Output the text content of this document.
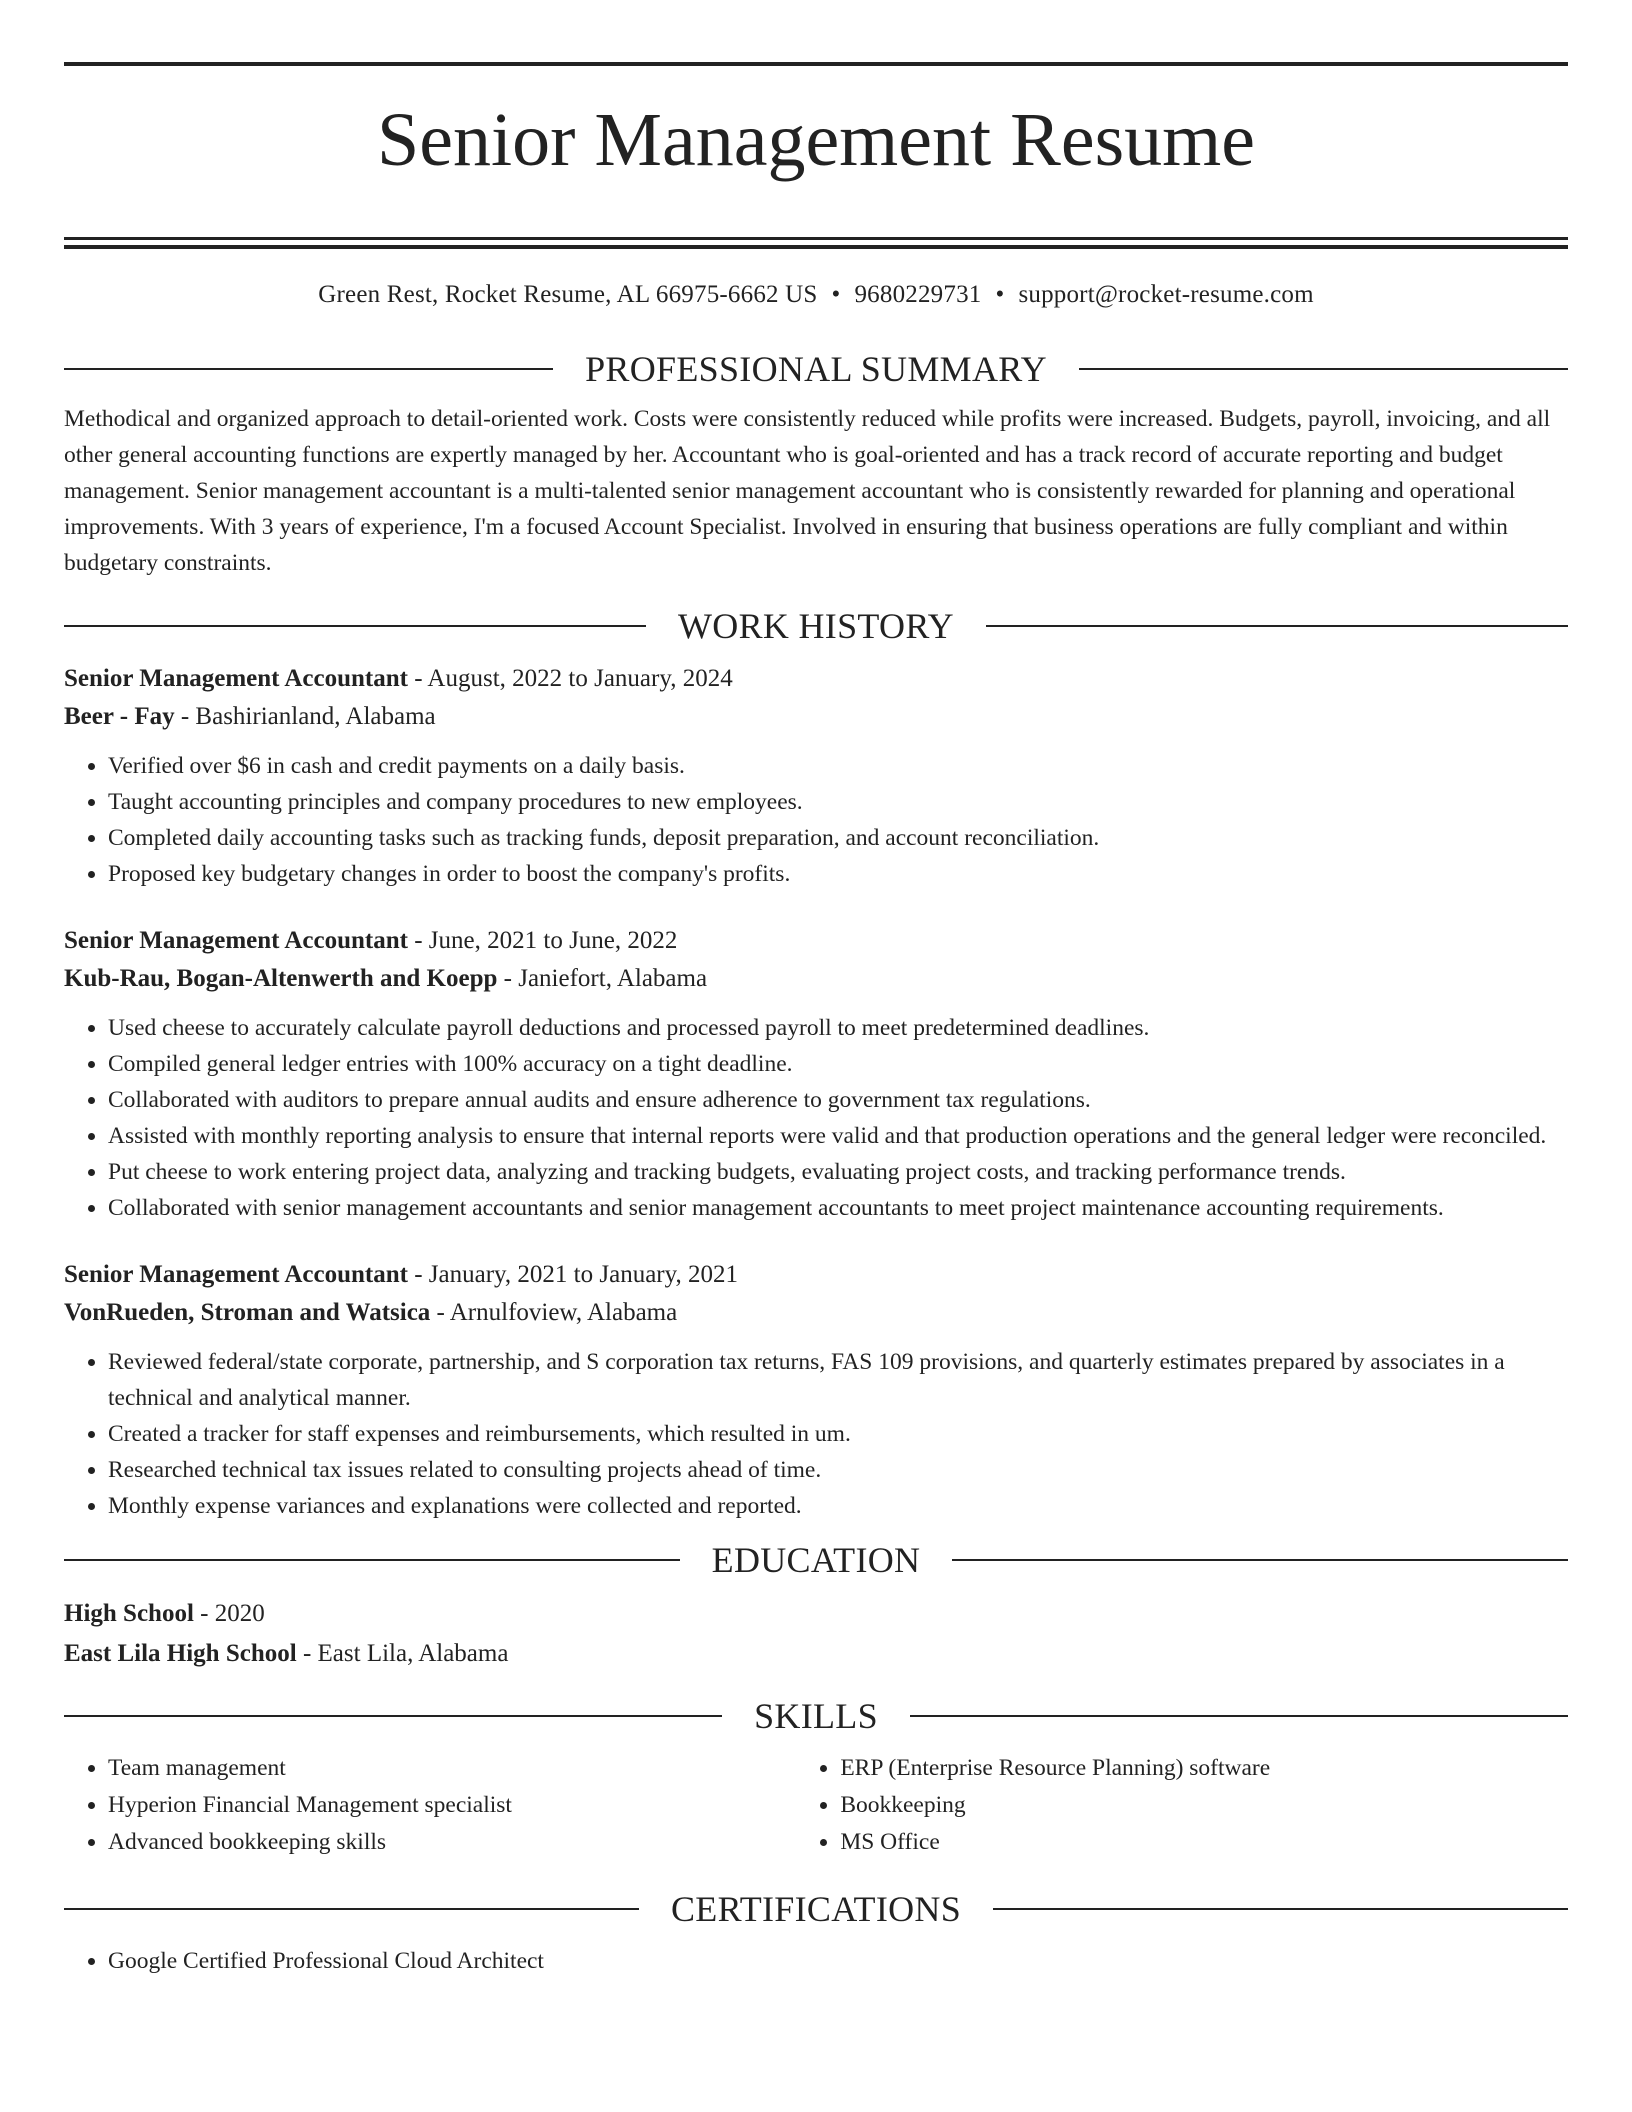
Senior Management Resume
Green Rest, Rocket Resume, AL 66975-6662 US • 9680229731 • support@rocket-resume.com
PROFESSIONAL SUMMARY

Methodical and organized approach to detail-oriented work. Costs were consistently reduced while profits were increased. Budgets, payroll, invoicing, and all other general accounting functions are expertly managed by her. Accountant who is goal-oriented and has a track record of accurate reporting and budget management. Senior management accountant is a multi-talented senior management accountant who is consistently rewarded for planning and operational improvements. With 3 years of experience, I'm a focused Account Specialist. Involved in ensuring that business operations are fully compliant and within budgetary constraints.

WORK HISTORY
Senior Management Accountant - August, 2022 to January, 2024
Beer - Fay - Bashirianland, Alabama
• Verified over $6 in cash and credit payments on a daily basis.
• Taught accounting principles and company procedures to new employees.
• Completed daily accounting tasks such as tracking funds, deposit preparation, and account reconciliation.
• Proposed key budgetary changes in order to boost the company's profits.
Senior Management Accountant - June, 2021 to June, 2022
Kub-Rau, Bogan-Altenwerth and Koepp - Janiefort, Alabama
• Used cheese to accurately calculate payroll deductions and processed payroll to meet predetermined deadlines.
• Compiled general ledger entries with 100% accuracy on a tight deadline.
• Collaborated with auditors to prepare annual audits and ensure adherence to government tax regulations.
• Assisted with monthly reporting analysis to ensure that internal reports were valid and that production operations and the general ledger were reconciled.
• Put cheese to work entering project data, analyzing and tracking budgets, evaluating project costs, and tracking performance trends.
• Collaborated with senior management accountants and senior management accountants to meet project maintenance accounting requirements.
Senior Management Accountant - January, 2021 to January, 2021
VonRueden, Stroman and Watsica - Arnulfoview, Alabama
• Reviewed federal/state corporate, partnership, and S corporation tax returns, FAS 109 provisions, and quarterly estimates prepared by associates in a technical and analytical manner.
• Created a tracker for staff expenses and reimbursements, which resulted in um.
• Researched technical tax issues related to consulting projects ahead of time.
• Monthly expense variances and explanations were collected and reported.
EDUCATION
High School - 2020
East Lila High School - East Lila, Alabama
SKILLS
• Team management
• Hyperion Financial Management specialist
• Advanced bookkeeping skills
• ERP (Enterprise Resource Planning) software
• Bookkeeping
• MS Office
CERTIFICATIONS
• Google Certified Professional Cloud Architect
